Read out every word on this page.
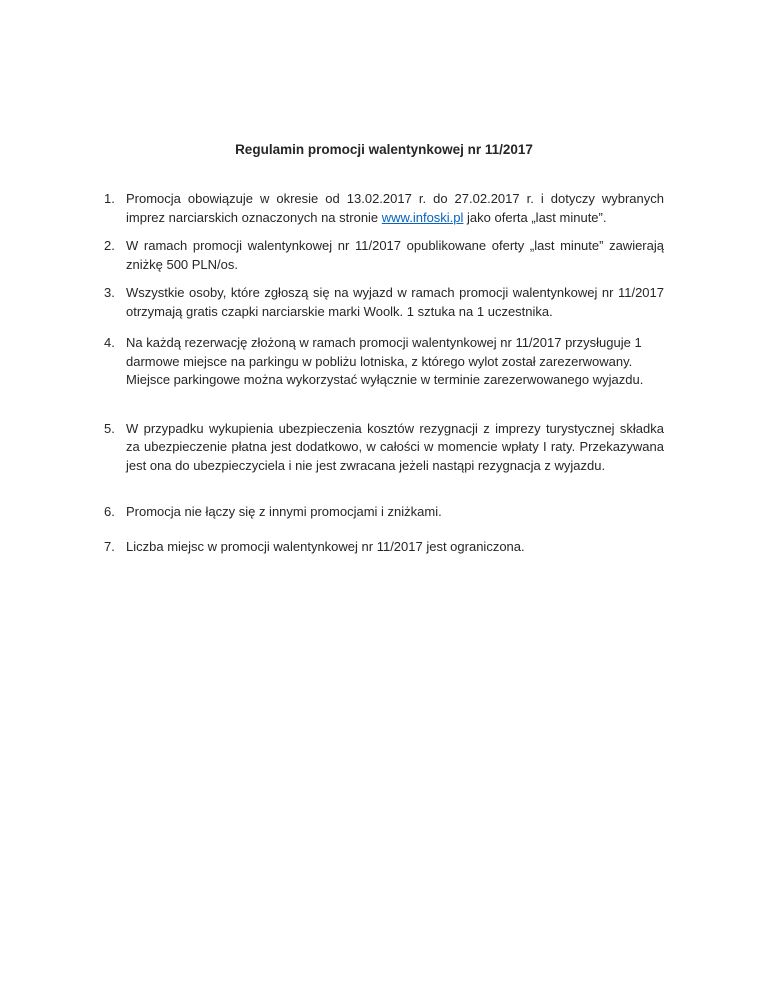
Regulamin promocji walentynkowej nr 11/2017
1. Promocja obowiązuje w okresie od 13.02.2017 r. do 27.02.2017 r. i dotyczy wybranych imprez narciarskich oznaczonych na stronie www.infoski.pl jako oferta „last minute”.
2. W ramach promocji walentynkowej nr 11/2017 opublikowane oferty „last minute” zawierają zniżkę 500 PLN/os.
3. Wszystkie osoby, które zgłoszą się na wyjazd w ramach promocji walentynkowej nr 11/2017 otrzymają gratis czapki narciarskie marki Woolk. 1 sztuka na 1 uczestnika.
4. Na każdą rezerwację złożoną w ramach promocji walentynkowej nr 11/2017 przysługuje 1 darmowe miejsce na parkingu w pobliżu lotniska, z którego wylot został zarezerwowany. Miejsce parkingowe można wykorzystać wyłącznie w terminie zarezerwowanego wyjazdu.
5. W przypadku wykupienia ubezpieczenia kosztów rezygnacji z imprezy turystycznej składka za ubezpieczenie płatna jest dodatkowo, w całości w momencie wpłaty I raty. Przekazywana jest ona do ubezpieczyciela i nie jest zwracana jeżeli nastąpi rezygnacja z wyjazdu.
6. Promocja nie łączy się z innymi promocjami i zniżkami.
7. Liczba miejsc w promocji walentynkowej nr 11/2017 jest ograniczona.
